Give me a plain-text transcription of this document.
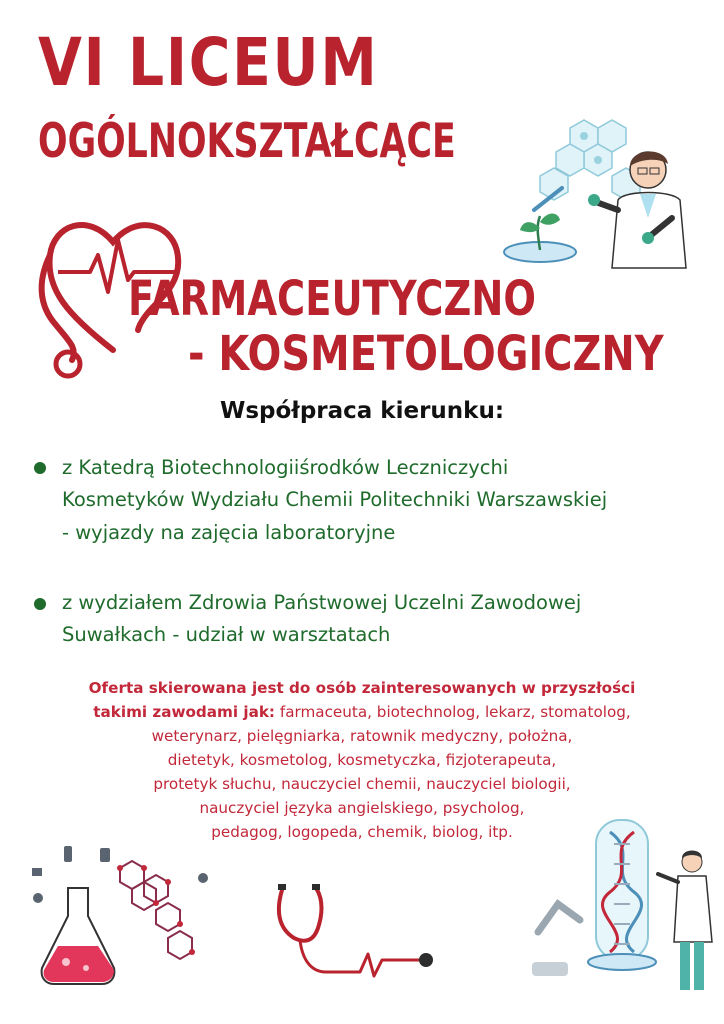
VI LICEUM
OGÓLNOKSZTAŁCĄCE
FARMACEUTYCZNO
- KOSMETOLOGICZNY
Współpraca kierunku:
z Katedrą Biotechnologiiśrodków Leczniczychi
Kosmetyków Wydziału Chemii Politechniki Warszawskiej
- wyjazdy na zajęcia laboratoryjne
z wydziałem Zdrowia Państwowej Uczelni Zawodowej
Suwałkach - udział w warsztatach
Oferta skierowana jest do osób zainteresowanych w przyszłości
takimi zawodami jak: farmaceuta, biotechnolog, lekarz, stomatolog,
weterynarz, pielęgniarka, ratownik medyczny, położna,
dietetyk, kosmetolog, kosmetyczka, fizjoterapeuta,
protetyk słuchu, nauczyciel chemii, nauczyciel biologii,
nauczyciel języka angielskiego, psycholog,
pedagog, logopeda, chemik, biolog, itp.
